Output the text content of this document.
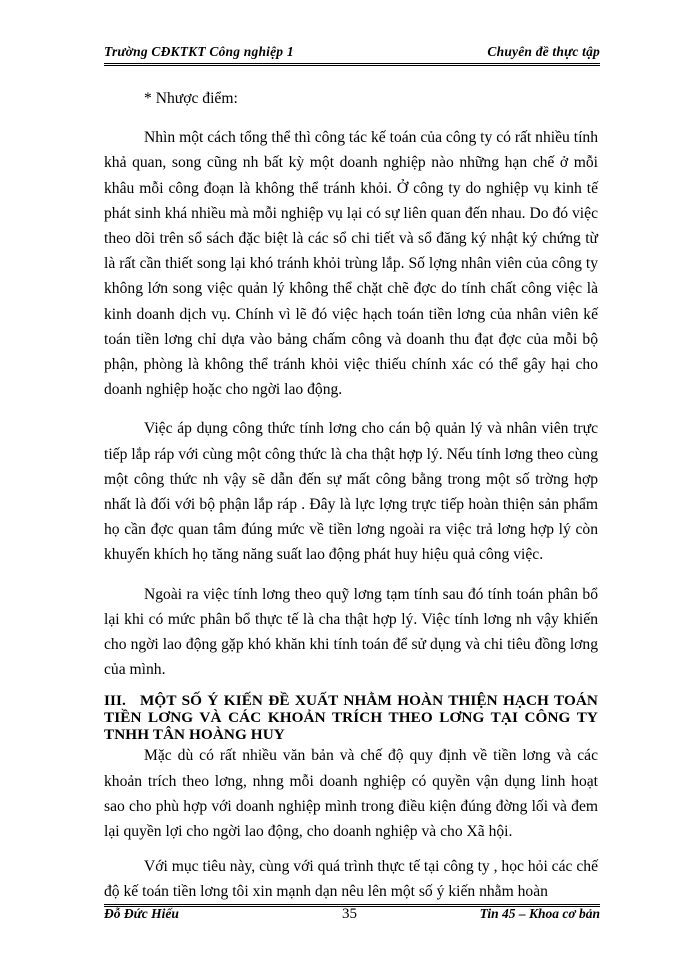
Trường CĐKTKT Công nghiệp 1	Chuyên đề thực tập

* Nhược điểm:

Nhìn một cách tổng thể thì công tác kế toán của công ty có rất nhiều tính khả quan, song cũng nh bất kỳ một doanh nghiệp nào những hạn chế ở mỗi khâu mỗi công đoạn là không thể tránh khỏi. Ở công ty do nghiệp vụ kinh tế phát sinh khá nhiều mà mỗi nghiệp vụ lại có sự liên quan đến nhau. Do đó việc theo dõi trên sổ sách đặc biệt là các sổ chi tiết và sổ đăng ký nhật ký chứng từ là rất cần thiết song lại khó tránh khỏi trùng lắp. Số lợng nhân viên của công ty không lớn song việc quản lý không thể chặt chẽ đợc do tính chất công việc là kinh doanh dịch vụ. Chính vì lẽ đó việc hạch toán tiền lơng của nhân viên kế toán tiền lơng chỉ dựa vào bảng chấm công và doanh thu đạt đợc của mỗi bộ phận, phòng là không thể tránh khỏi việc thiếu chính xác có thể gây hại cho doanh nghiệp hoặc cho ngời lao động.

Việc áp dụng công thức tính lơng cho cán bộ quản lý và nhân viên trực tiếp lắp ráp với cùng một công thức là cha thật hợp lý. Nếu tính lơng theo cùng một công thức nh vậy sẽ dẫn đến sự mất công bằng trong một số trờng hợp nhất là đối với bộ phận lắp ráp . Đây là lực lợng trực tiếp hoàn thiện sản phẩm họ cần đợc quan tâm đúng mức về tiền lơng ngoài ra việc trả lơng hợp lý còn khuyến khích họ tăng năng suất lao động phát huy hiệu quả công việc.

Ngoài ra việc tính lơng theo quỹ lơng tạm tính sau đó tính toán phân bổ lại khi có mức phân bổ thực tế là cha thật hợp lý. Việc tính lơng nh vậy khiến cho ngời lao động gặp khó khăn khi tính toán để sử dụng và chi tiêu đồng lơng của mình.

III. MỘT SỐ Ý KIẾN ĐỀ XUẤT NHẰM HOÀN THIỆN HẠCH TOÁN TIỀN LƠNG VÀ CÁC KHOẢN TRÍCH THEO LƠNG TẠI CÔNG TY TNHH TÂN HOÀNG HUY

Mặc dù có rất nhiều văn bản và chế độ quy định về tiền lơng và các khoản trích theo lơng, nhng mỗi doanh nghiệp có quyền vận dụng linh hoạt sao cho phù hợp với doanh nghiệp mình trong điều kiện đúng đờng lối và đem lại quyền lợi cho ngời lao động, cho doanh nghiệp và cho Xã hội.

Với mục tiêu này, cùng với quá trình thực tế tại công ty , học hỏi các chế độ kế toán tiền lơng tôi xin mạnh dạn nêu lên một số ý kiến nhằm hoàn

Đỗ Đức Hiếu	35	Tin 45 – Khoa cơ bản
